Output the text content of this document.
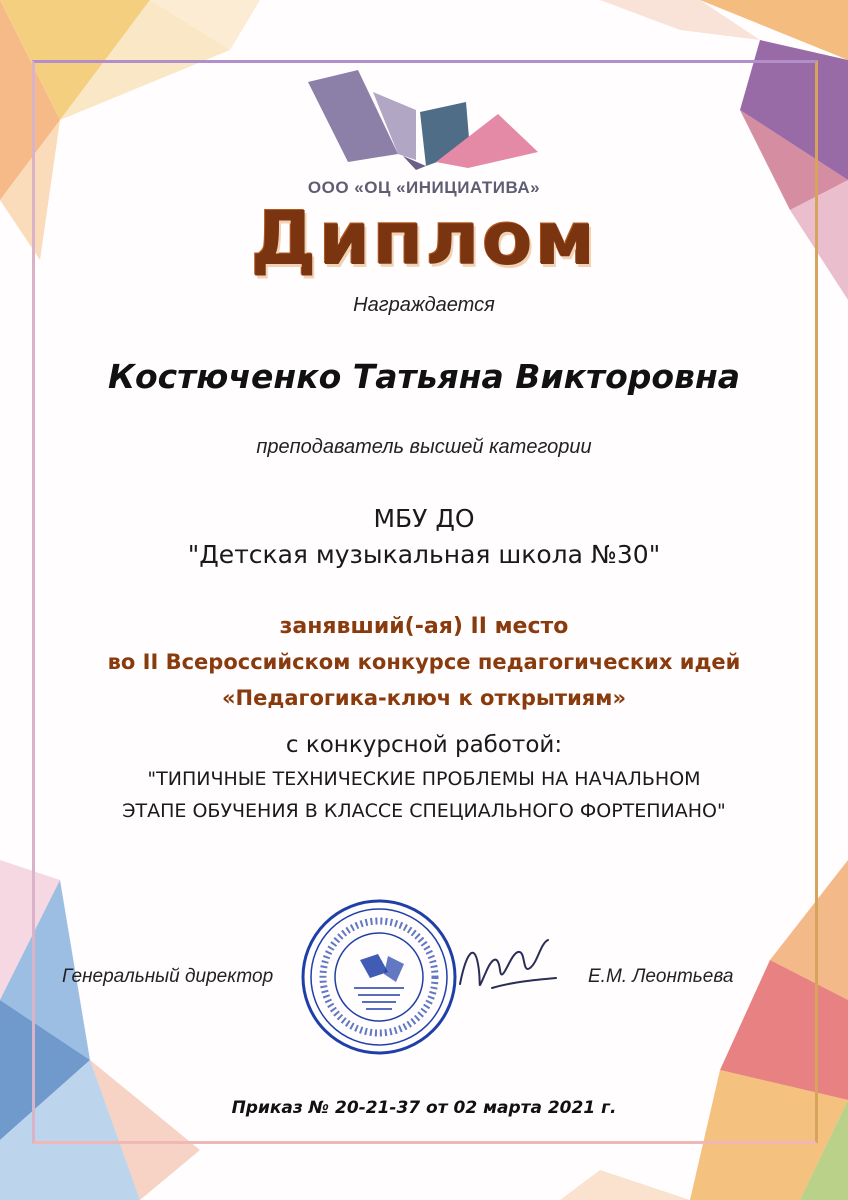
ООО «ОЦ «ИНИЦИАТИВА»
Диплом
Награждается
Костюченко Татьяна Викторовна
преподаватель высшей категории
МБУ ДО
"Детская музыкальная школа №30"
занявший(-ая) II место
во II Всероссийском конкурсе педагогических идей
«Педагогика-ключ к открытиям»
с конкурсной работой:
"ТИПИЧНЫЕ ТЕХНИЧЕСКИЕ ПРОБЛЕМЫ НА НАЧАЛЬНОМ
ЭТАПЕ ОБУЧЕНИЯ В КЛАССЕ СПЕЦИАЛЬНОГО ФОРТЕПИАНО"
Генеральный директор	Е.М. Леонтьева
Приказ № 20-21-37 от 02 марта 2021 г.
